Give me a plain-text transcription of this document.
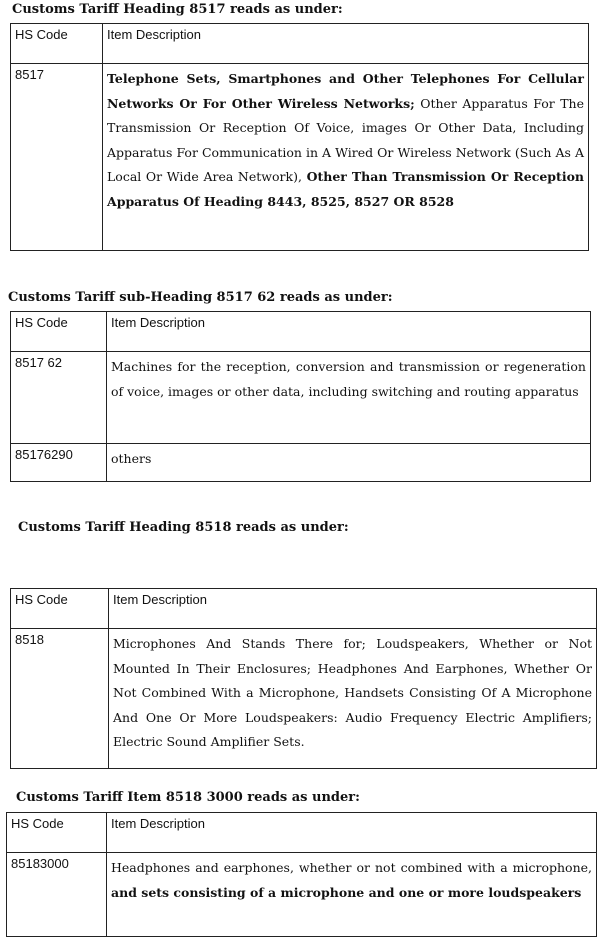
Customs Tariff Heading 8517 reads as under:
HS Code	Item Description
8517	Telephone Sets, Smartphones and Other Telephones For Cellular Networks Or For Other Wireless Networks; Other Apparatus For The Transmission Or Reception Of Voice, images Or Other Data, Including Apparatus For Communication in A Wired Or Wireless Network (Such As A Local Or Wide Area Network), Other Than Transmission Or Reception Apparatus Of Heading 8443, 8525, 8527 OR 8528
Customs Tariff sub-Heading 8517 62 reads as under:
HS Code	Item Description
8517 62	Machines for the reception, conversion and transmission or regeneration of voice, images or other data, including switching and routing apparatus
85176290	others
Customs Tariff Heading 8518 reads as under:
HS Code	Item Description
8518	Microphones And Stands There for; Loudspeakers, Whether or Not Mounted In Their Enclosures; Headphones And Earphones, Whether Or Not Combined With a Microphone, Handsets Consisting Of A Microphone And One Or More Loudspeakers: Audio Frequency Electric Amplifiers; Electric Sound Amplifier Sets.
Customs Tariff Item 8518 3000 reads as under:
HS Code	Item Description
85183000	Headphones and earphones, whether or not combined with a microphone, and sets consisting of a microphone and one or more loudspeakers
